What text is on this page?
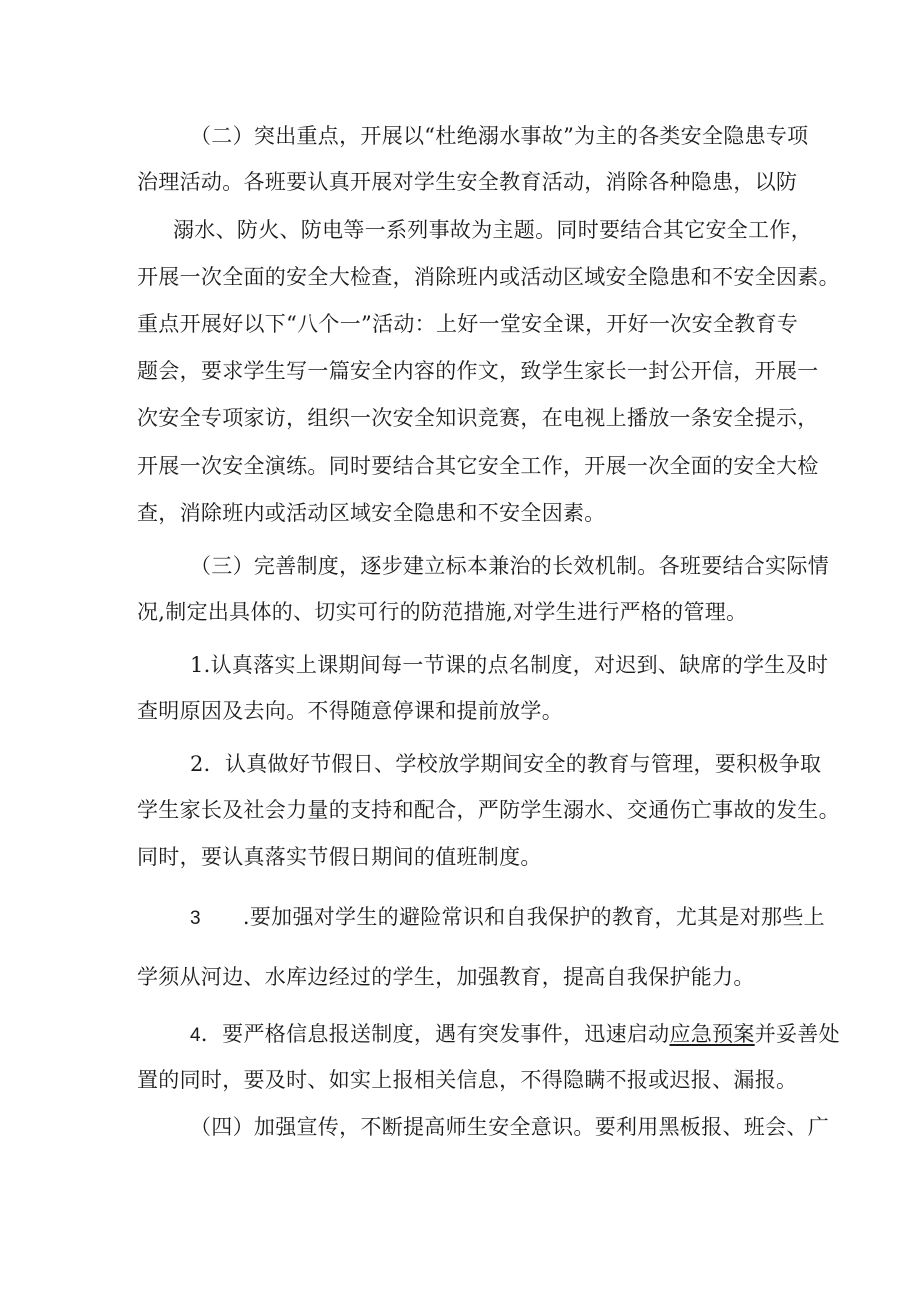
（二）突出重点，开展以“杜绝溺水事故”为主的各类安全隐患专项
治理活动。各班要认真开展对学生安全教育活动，消除各种隐患，以防
溺水、防火、防电等一系列事故为主题。同时要结合其它安全工作，
开展一次全面的安全大检查，消除班内或活动区域安全隐患和不安全因素。
重点开展好以下“八个一”活动：上好一堂安全课，开好一次安全教育专
题会，要求学生写一篇安全内容的作文，致学生家长一封公开信，开展一
次安全专项家访，组织一次安全知识竞赛，在电视上播放一条安全提示，
开展一次安全演练。同时要结合其它安全工作，开展一次全面的安全大检
查，消除班内或活动区域安全隐患和不安全因素。
（三）完善制度，逐步建立标本兼治的长效机制。各班要结合实际情
况,制定出具体的、切实可行的防范措施,对学生进行严格的管理。
1.认真落实上课期间每一节课的点名制度，对迟到、缺席的学生及时
查明原因及去向。不得随意停课和提前放学。
2．认真做好节假日、学校放学期间安全的教育与管理，要积极争取
学生家长及社会力量的支持和配合，严防学生溺水、交通伤亡事故的发生。
同时，要认真落实节假日期间的值班制度。
3 .要加强对学生的避险常识和自我保护的教育，尤其是对那些上
学须从河边、水库边经过的学生，加强教育，提高自我保护能力。
4．要严格信息报送制度，遇有突发事件，迅速启动应急预案并妥善处
置的同时，要及时、如实上报相关信息，不得隐瞒不报或迟报、漏报。
（四）加强宣传，不断提高师生安全意识。要利用黑板报、班会、广
